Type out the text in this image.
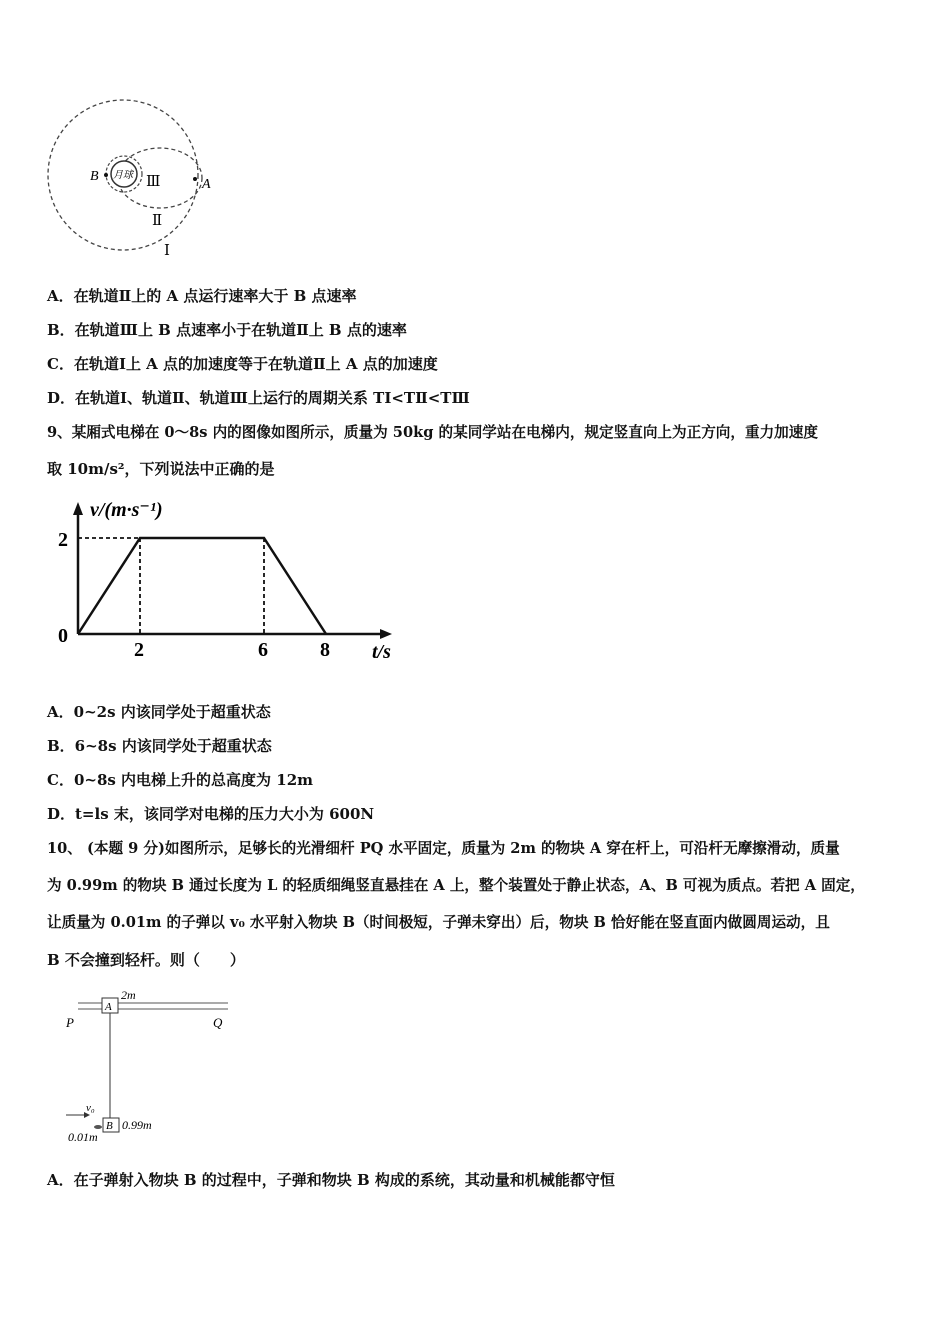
月球
B
A
Ⅲ
Ⅱ
Ⅰ
A．在轨道Ⅱ上的 A 点运行速率大于 B 点速率
B．在轨道Ⅲ上 B 点速率小于在轨道Ⅱ上 B 点的速率
C．在轨道Ⅰ上 A 点的加速度等于在轨道Ⅱ上 A 点的加速度
D．在轨道Ⅰ、轨道Ⅱ、轨道Ⅲ上运行的周期关系 TⅠ<TⅡ<TⅢ
9、某厢式电梯在 0～8s 内的图像如图所示，质量为 50kg 的某同学站在电梯内，规定竖直向上为正方向，重力加速度
取 10m/s²，下列说法中正确的是
v/(m·s⁻¹)
t/s
0
2	6	8
2
A．0~2s 内该同学处于超重状态
B．6~8s 内该同学处于超重状态
C．0~8s 内电梯上升的总高度为 12m
D．t=ls 末，该同学对电梯的压力大小为 600N
10、 (本题 9 分)如图所示，足够长的光滑细杆 PQ 水平固定，质量为 2m 的物块 A 穿在杆上，可沿杆无摩擦滑动，质量
为 0.99m 的物块 B 通过长度为 L 的轻质细绳竖直悬挂在 A 上，整个装置处于静止状态，A、B 可视为质点。若把 A 固定，
让质量为 0.01m 的子弹以 v₀ 水平射入物块 B（时间极短，子弹未穿出）后，物块 B 恰好能在竖直面内做圆周运动，且
B 不会撞到轻杆。则（　　）
A
2m
P	Q
B 0.99m
v₀
0.01m
A．在子弹射入物块 B 的过程中，子弹和物块 B 构成的系统，其动量和机械能都守恒
